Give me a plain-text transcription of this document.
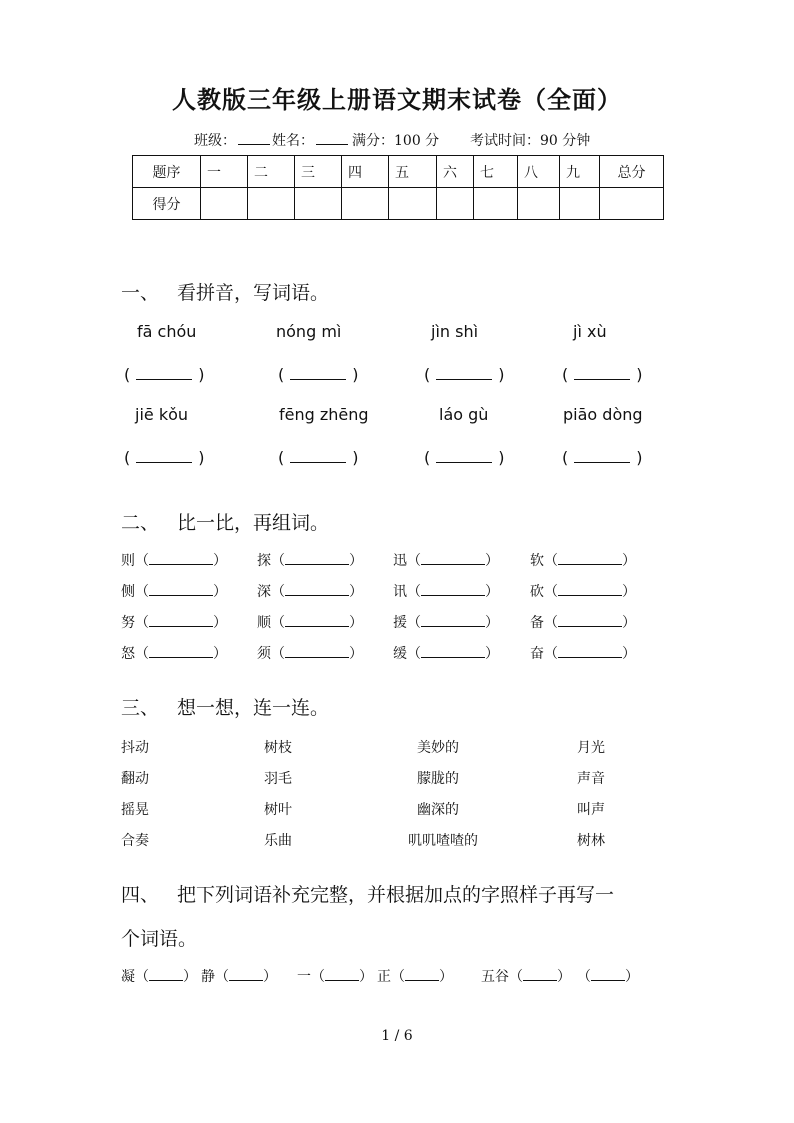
人教版三年级上册语文期末试卷（全面）
班级：	姓名：	满分：100 分 考试时间：90 分钟
题序	一	二	三	四	五	六	七	八	九	总分
得分										
一、 看拼音，写词语。
fā chóu	nóng mì	jìn shì	jì xù
(	)	(	)	(	)	(	)
jiē kǒu	fēng zhēng	láo gù	piāo dòng
(	)	(	)	(	)	(	)
二、 比一比，再组词。
则（	） 探（	） 迅（	） 软（	）
侧（	） 深（	） 讯（	） 砍（	）
努（	） 顺（	） 援（	） 备（	）
怒（	） 须（	） 缓（	） 奋（	）
三、 想一想，连一连。
抖动	树枝	美妙的	月光
翻动	羽毛	朦胧的	声音
摇晃	树叶	幽深的	叫声
合奏	乐曲	叽叽喳喳的	树林
四、 把下列词语补充完整，并根据加点的字照样子再写一
个词语。
凝（ ） 静（ ） 一（ ） 正（ ） 五谷（ ） （ ）
1 / 6
